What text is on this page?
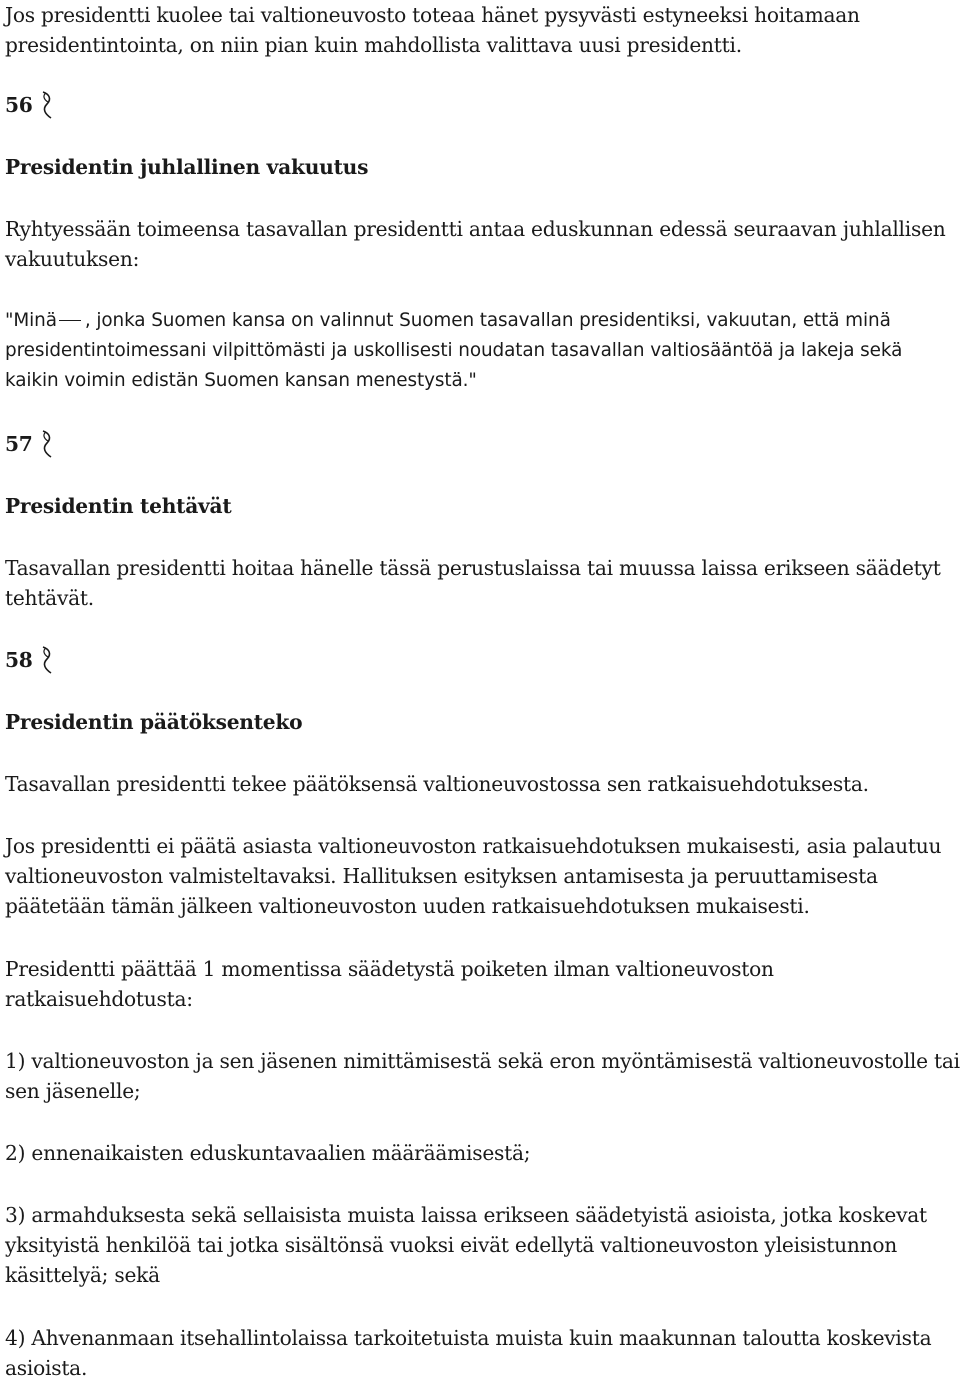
Jos presidentti kuolee tai valtioneuvosto toteaa hänet pysyvästi estyneeksi hoitamaan presidentintointa, on niin pian kuin mahdollista valittava uusi presidentti.

56

Presidentin juhlallinen vakuutus

Ryhtyessään toimeensa tasavallan presidentti antaa eduskunnan edessä seuraavan juhlallisen vakuutuksen:

"Minä , jonka Suomen kansa on valinnut Suomen tasavallan presidentiksi, vakuutan, että minä presidentintoimessani vilpittömästi ja uskollisesti noudatan tasavallan valtiosääntöä ja lakeja sekä kaikin voimin edistän Suomen kansan menestystä."

57

Presidentin tehtävät

Tasavallan presidentti hoitaa hänelle tässä perustuslaissa tai muussa laissa erikseen säädetyt tehtävät.

58

Presidentin päätöksenteko

Tasavallan presidentti tekee päätöksensä valtioneuvostossa sen ratkaisuehdotuksesta.

Jos presidentti ei päätä asiasta valtioneuvoston ratkaisuehdotuksen mukaisesti, asia palautuu valtioneuvoston valmisteltavaksi. Hallituksen esityksen antamisesta ja peruuttamisesta päätetään tämän jälkeen valtioneuvoston uuden ratkaisuehdotuksen mukaisesti.

Presidentti päättää 1 momentissa säädetystä poiketen ilman valtioneuvoston ratkaisuehdotusta:

1) valtioneuvoston ja sen jäsenen nimittämisestä sekä eron myöntämisestä valtioneuvostolle tai sen jäsenelle;

2) ennenaikaisten eduskuntavaalien määräämisestä;

3) armahduksesta sekä sellaisista muista laissa erikseen säädetyistä asioista, jotka koskevat yksityistä henkilöä tai jotka sisältönsä vuoksi eivät edellytä valtioneuvoston yleisistunnon käsittelyä; sekä

4) Ahvenanmaan itsehallintolaissa tarkoitetuista muista kuin maakunnan taloutta koskevista asioista.
